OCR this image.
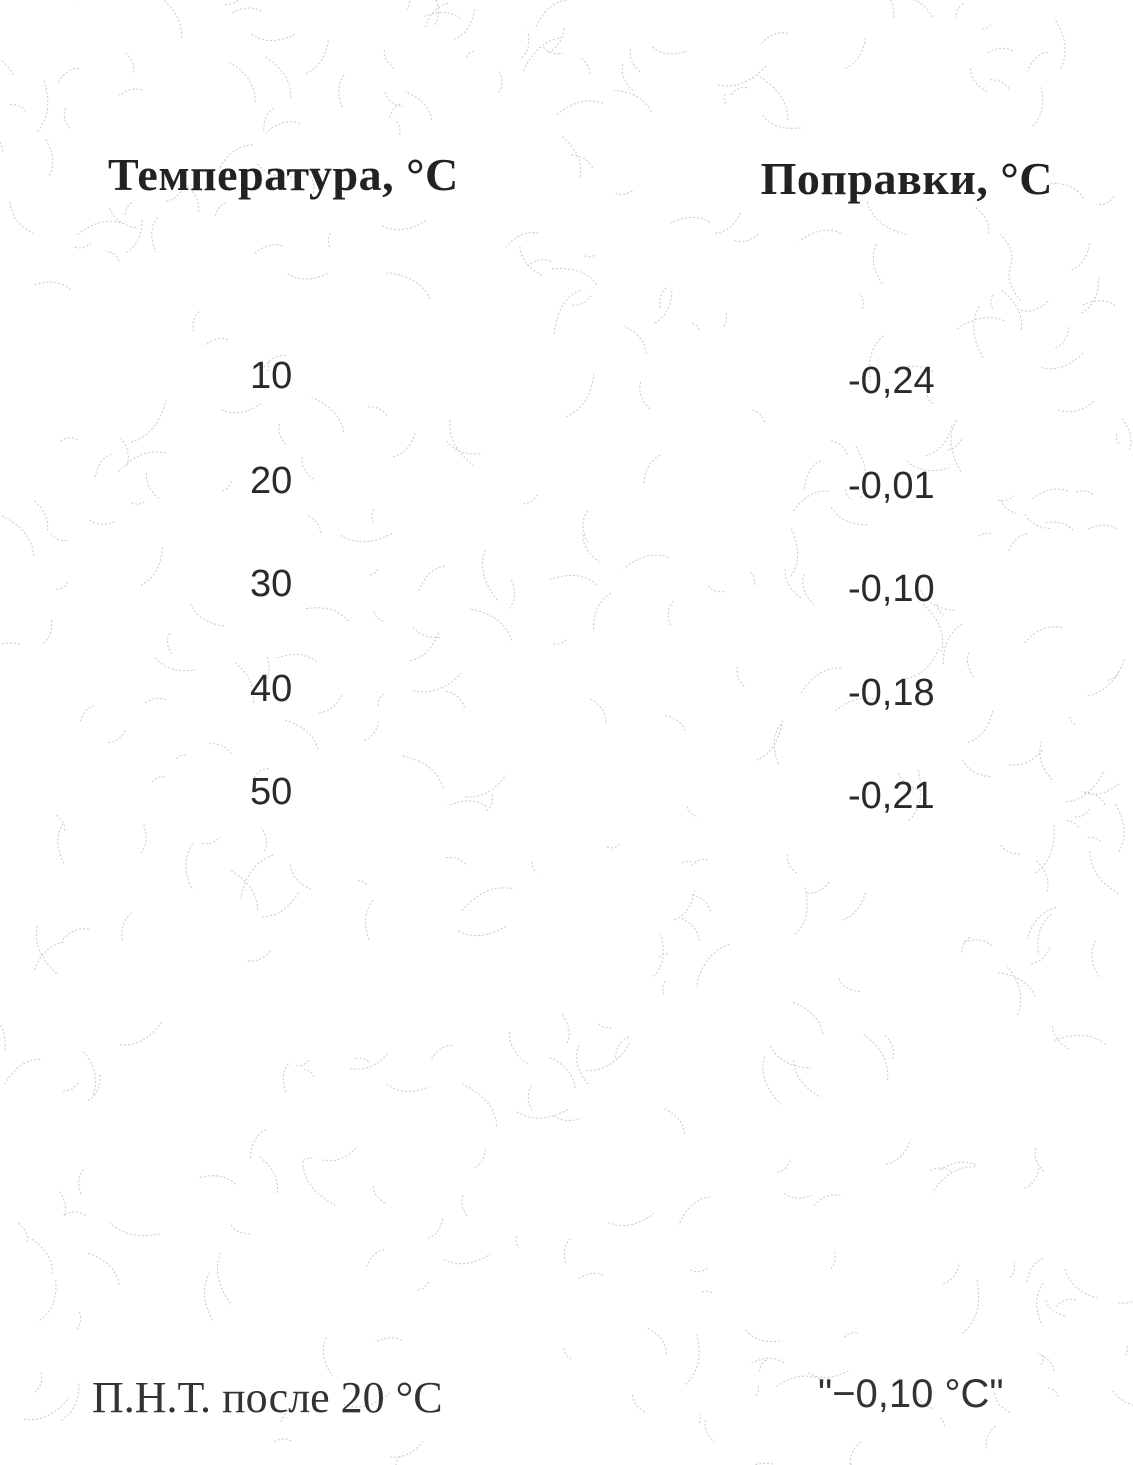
Температура, °С	Поправки, °С
10	-0,24
20	-0,01
30	-0,10
40	-0,18
50	-0,21
П.Н.Т. после 20 °С	"−0,10 °С"
